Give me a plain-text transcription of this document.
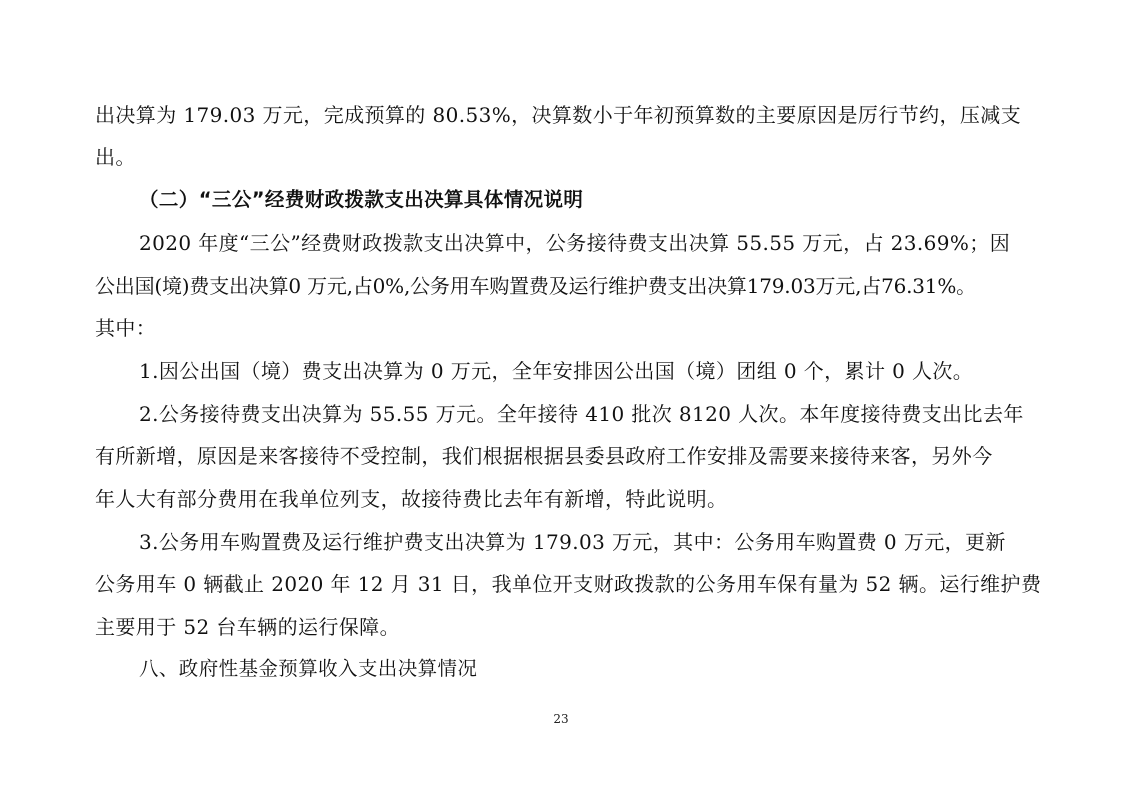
出决算为 179.03 万元，完成预算的 80.53%，决算数小于年初预算数的主要原因是厉行节约，压减支
出。
（二）“三公”经费财政拨款支出决算具体情况说明
2020 年度“三公”经费财政拨款支出决算中，公务接待费支出决算 55.55 万元，占 23.69%；因
公出国(境)费支出决算0 万元,占0%,公务用车购置费及运行维护费支出决算179.03万元,占76.31%。
其中：
1.因公出国（境）费支出决算为 0 万元，全年安排因公出国（境）团组 0 个，累计 0 人次。
2.公务接待费支出决算为 55.55 万元。全年接待 410 批次 8120 人次。本年度接待费支出比去年
有所新增，原因是来客接待不受控制，我们根据根据县委县政府工作安排及需要来接待来客，另外今
年人大有部分费用在我单位列支，故接待费比去年有新增，特此说明。
3.公务用车购置费及运行维护费支出决算为 179.03 万元，其中：公务用车购置费 0 万元，更新
公务用车 0 辆截止 2020 年 12 月 31 日，我单位开支财政拨款的公务用车保有量为 52 辆。运行维护费
主要用于 52 台车辆的运行保障。
八、政府性基金预算收入支出决算情况
23
